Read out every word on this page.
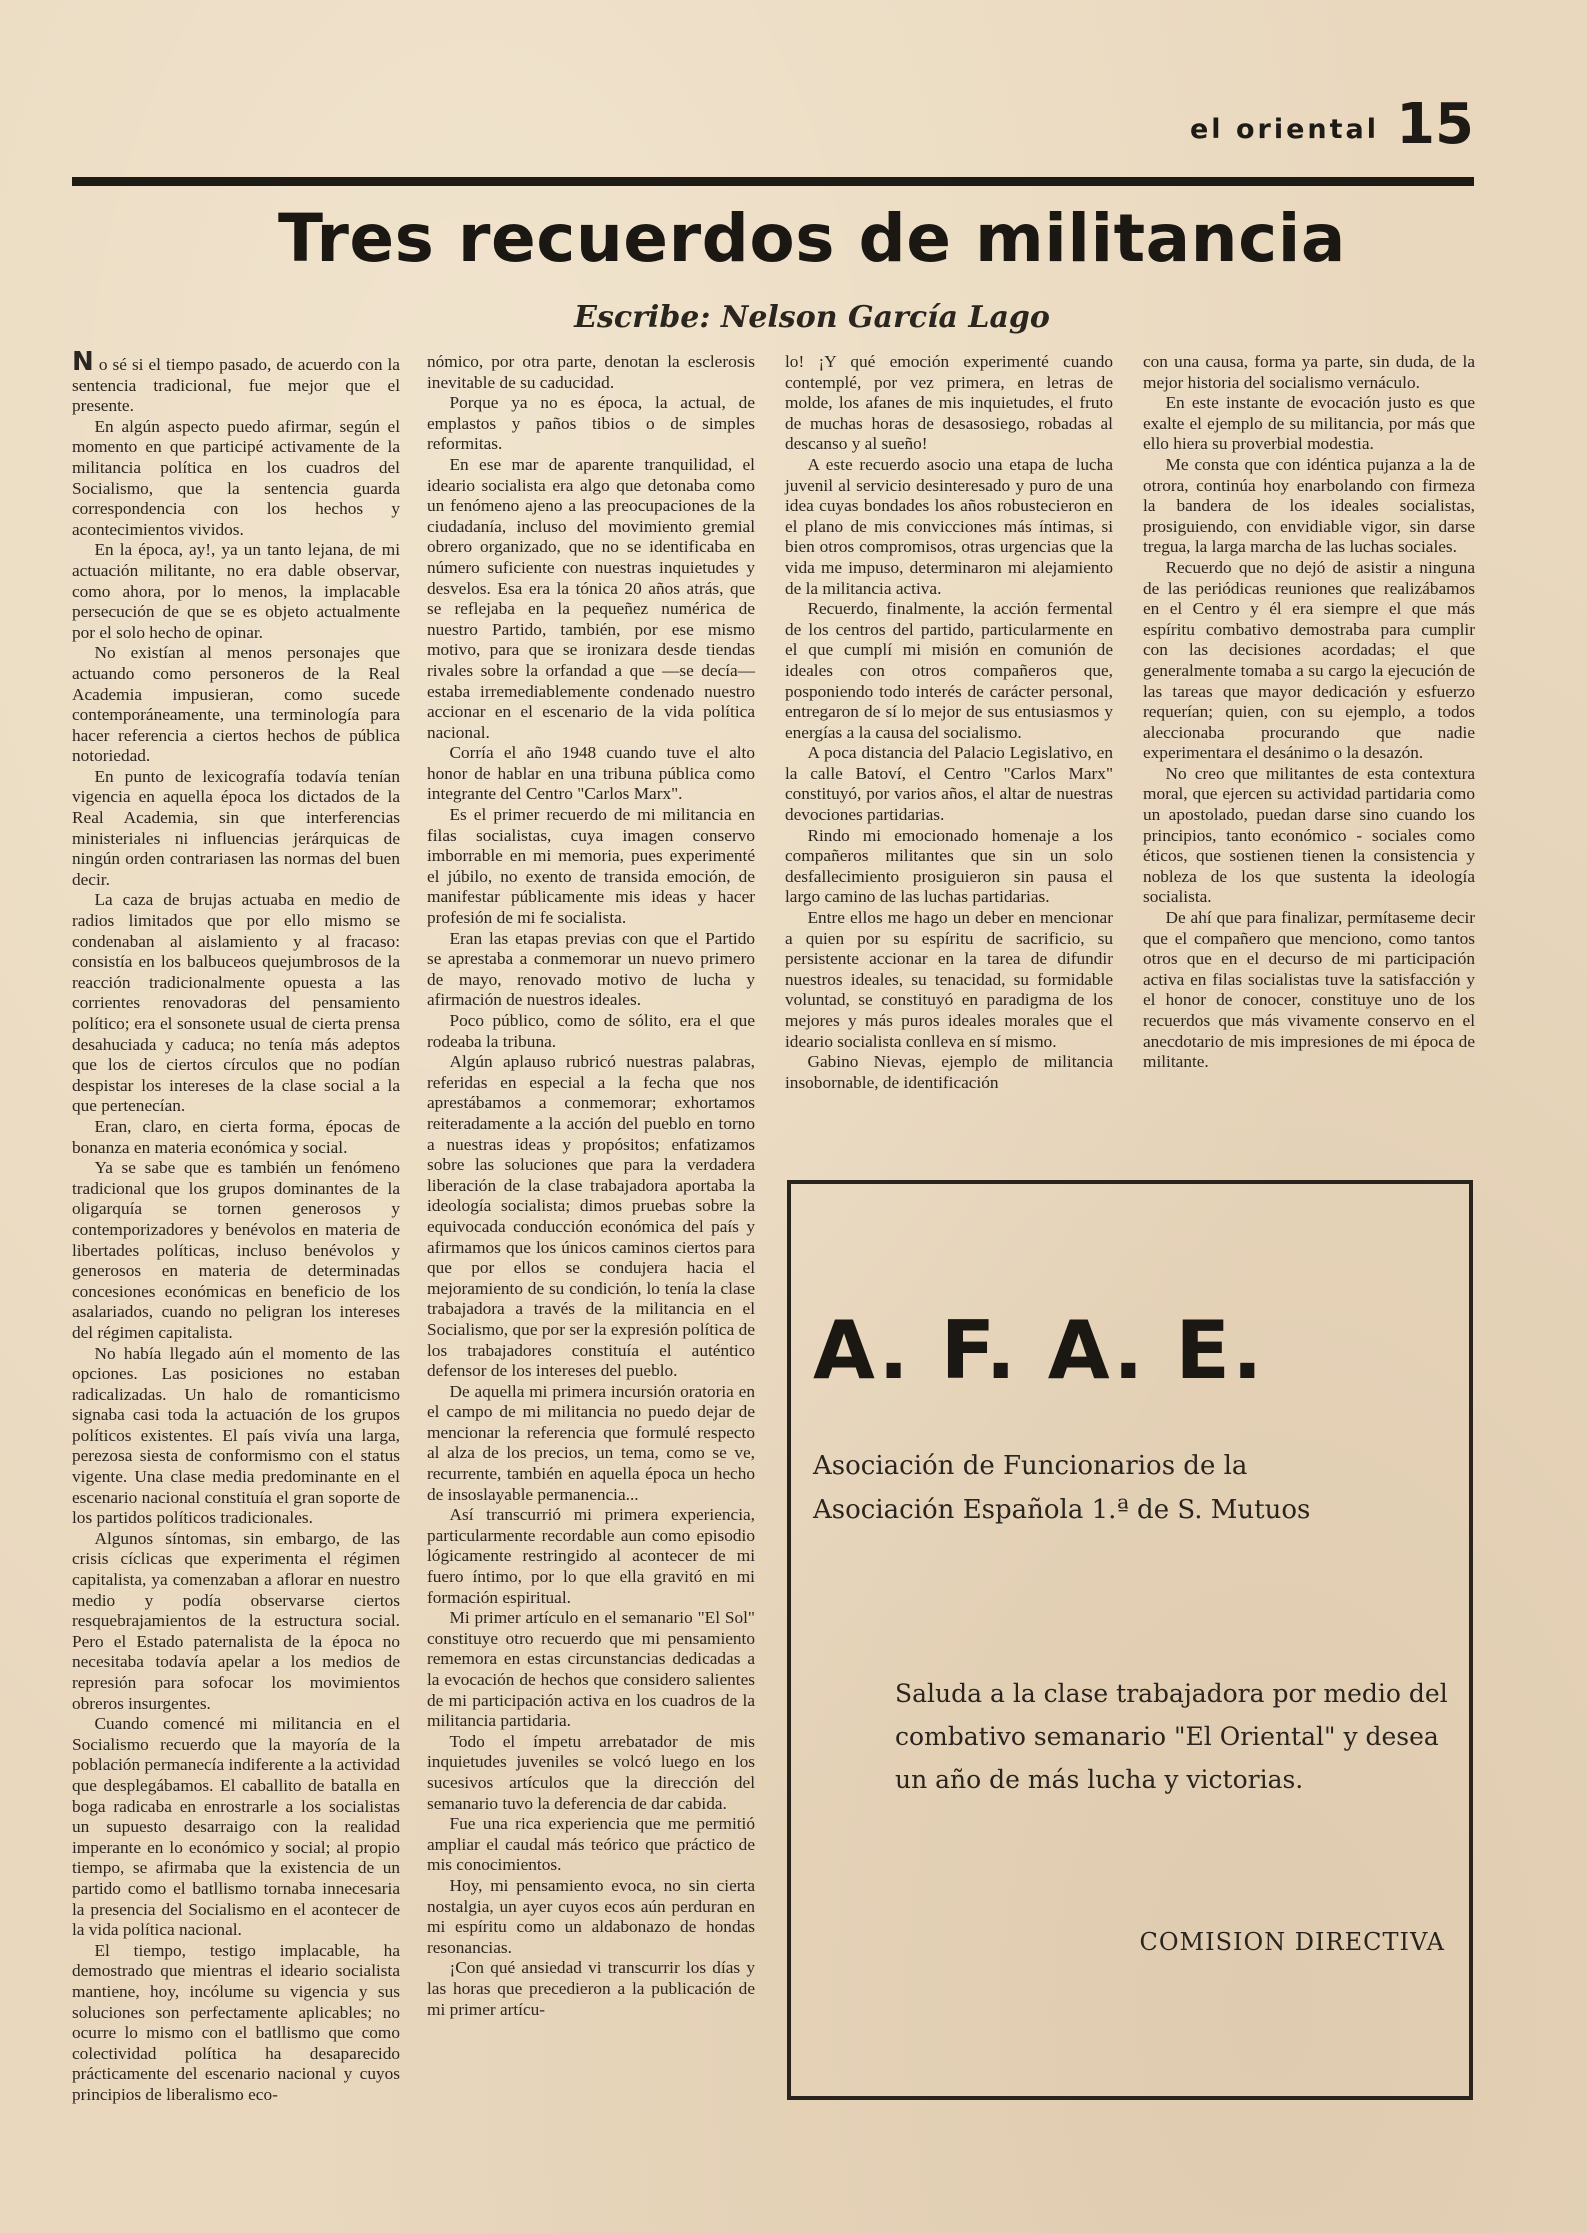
el oriental 15
Tres recuerdos de militancia
Escribe: Nelson García Lago

N o sé si el tiempo pasado, de acuerdo con la sentencia tradicional, fue mejor que el presente.

En algún aspecto puedo afirmar, según el momento en que participé activamente de la militancia política en los cuadros del Socialismo, que la sentencia guarda correspondencia con los hechos y acontecimientos vividos.

En la época, ay!, ya un tanto lejana, de mi actuación militante, no era dable observar, como ahora, por lo menos, la implacable persecución de que se es objeto actualmente por el solo hecho de opinar.

No existían al menos personajes que actuando como personeros de la Real Academia impusieran, como sucede contemporáneamente, una terminología para hacer referencia a ciertos hechos de pública notoriedad.

En punto de lexicografía todavía tenían vigencia en aquella época los dictados de la Real Academia, sin que interferencias ministeriales ni influencias jerárquicas de ningún orden contrariasen las normas del buen decir.

La caza de brujas actuaba en medio de radios limitados que por ello mismo se condenaban al aislamiento y al fracaso: consistía en los balbuceos quejumbrosos de la reacción tradicionalmente opuesta a las corrientes renovadoras del pensamiento político; era el sonsonete usual de cierta prensa desahuciada y caduca; no tenía más adeptos que los de ciertos círculos que no podían despistar los intereses de la clase social a la que pertenecían.

Eran, claro, en cierta forma, épocas de bonanza en materia económica y social.

Ya se sabe que es también un fenómeno tradicional que los grupos dominantes de la oligarquía se tornen generosos y contemporizadores y benévolos en materia de libertades políticas, incluso benévolos y generosos en materia de determinadas concesiones económicas en beneficio de los asalariados, cuando no peligran los intereses del régimen capitalista.

No había llegado aún el momento de las opciones. Las posiciones no estaban radicalizadas. Un halo de romanticismo signaba casi toda la actuación de los grupos políticos existentes. El país vivía una larga, perezosa siesta de conformismo con el status vigente. Una clase media predominante en el escenario nacional constituía el gran soporte de los partidos políticos tradicionales.

Algunos síntomas, sin embargo, de las crisis cíclicas que experimenta el régimen capitalista, ya comenzaban a aflorar en nuestro medio y podía observarse ciertos resquebrajamientos de la estructura social. Pero el Estado paternalista de la época no necesitaba todavía apelar a los medios de represión para sofocar los movimientos obreros insurgentes.

Cuando comencé mi militancia en el Socialismo recuerdo que la mayoría de la población permanecía indiferente a la actividad que desplegábamos. El caballito de batalla en boga radicaba en enrostrarle a los socialistas un supuesto desarraigo con la realidad imperante en lo económico y social; al propio tiempo, se afirmaba que la existencia de un partido como el batllismo tornaba innecesaria la presencia del Socialismo en el acontecer de la vida política nacional.

El tiempo, testigo implacable, ha demostrado que mientras el ideario socialista mantiene, hoy, incólume su vigencia y sus soluciones son perfectamente aplicables; no ocurre lo mismo con el batllismo que como colectividad política ha desaparecido prácticamente del escenario nacional y cuyos principios de liberalismo eco-

nómico, por otra parte, denotan la esclerosis inevitable de su caducidad.

Porque ya no es época, la actual, de emplastos y paños tibios o de simples reformitas.

En ese mar de aparente tranquilidad, el ideario socialista era algo que detonaba como un fenómeno ajeno a las preocupaciones de la ciudadanía, incluso del movimiento gremial obrero organizado, que no se identificaba en número suficiente con nuestras inquietudes y desvelos. Esa era la tónica 20 años atrás, que se reflejaba en la pequeñez numérica de nuestro Partido, también, por ese mismo motivo, para que se ironizara desde tiendas rivales sobre la orfandad a que —se decía— estaba irremediablemente condenado nuestro accionar en el escenario de la vida política nacional.

Corría el año 1948 cuando tuve el alto honor de hablar en una tribuna pública como integrante del Centro "Carlos Marx".

Es el primer recuerdo de mi militancia en filas socialistas, cuya imagen conservo imborrable en mi memoria, pues experimenté el júbilo, no exento de transida emoción, de manifestar públicamente mis ideas y hacer profesión de mi fe socialista.

Eran las etapas previas con que el Partido se aprestaba a conmemorar un nuevo primero de mayo, renovado motivo de lucha y afirmación de nuestros ideales.

Poco público, como de sólito, era el que rodeaba la tribuna.

Algún aplauso rubricó nuestras palabras, referidas en especial a la fecha que nos aprestábamos a conmemorar; exhortamos reiteradamente a la acción del pueblo en torno a nuestras ideas y propósitos; enfatizamos sobre las soluciones que para la verdadera liberación de la clase trabajadora aportaba la ideología socialista; dimos pruebas sobre la equivocada conducción económica del país y afirmamos que los únicos caminos ciertos para que por ellos se condujera hacia el mejoramiento de su condición, lo tenía la clase trabajadora a través de la militancia en el Socialismo, que por ser la expresión política de los trabajadores constituía el auténtico defensor de los intereses del pueblo.

De aquella mi primera incursión oratoria en el campo de mi militancia no puedo dejar de mencionar la referencia que formulé respecto al alza de los precios, un tema, como se ve, recurrente, también en aquella época un hecho de insoslayable permanencia...

Así transcurrió mi primera experiencia, particularmente recordable aun como episodio lógicamente restringido al acontecer de mi fuero íntimo, por lo que ella gravitó en mi formación espiritual.

Mi primer artículo en el semanario "El Sol" constituye otro recuerdo que mi pensamiento rememora en estas circunstancias dedicadas a la evocación de hechos que considero salientes de mi participación activa en los cuadros de la militancia partidaria.

Todo el ímpetu arrebatador de mis inquietudes juveniles se volcó luego en los sucesivos artículos que la dirección del semanario tuvo la deferencia de dar cabida.

Fue una rica experiencia que me permitió ampliar el caudal más teórico que práctico de mis conocimientos.

Hoy, mi pensamiento evoca, no sin cierta nostalgia, un ayer cuyos ecos aún perduran en mi espíritu como un aldabonazo de hondas resonancias.

¡Con qué ansiedad vi transcurrir los días y las horas que precedieron a la publicación de mi primer artícu-

lo! ¡Y qué emoción experimenté cuando contemplé, por vez primera, en letras de molde, los afanes de mis inquietudes, el fruto de muchas horas de desasosiego, robadas al descanso y al sueño!

A este recuerdo asocio una etapa de lucha juvenil al servicio desinteresado y puro de una idea cuyas bondades los años robustecieron en el plano de mis convicciones más íntimas, si bien otros compromisos, otras urgencias que la vida me impuso, determinaron mi alejamiento de la militancia activa.

Recuerdo, finalmente, la acción fermental de los centros del partido, particularmente en el que cumplí mi misión en comunión de ideales con otros compañeros que, posponiendo todo interés de carácter personal, entregaron de sí lo mejor de sus entusiasmos y energías a la causa del socialismo.

A poca distancia del Palacio Legislativo, en la calle Batoví, el Centro "Carlos Marx" constituyó, por varios años, el altar de nuestras devociones partidarias.

Rindo mi emocionado homenaje a los compañeros militantes que sin un solo desfallecimiento prosiguieron sin pausa el largo camino de las luchas partidarias.

Entre ellos me hago un deber en mencionar a quien por su espíritu de sacrificio, su persistente accionar en la tarea de difundir nuestros ideales, su tenacidad, su formidable voluntad, se constituyó en paradigma de los mejores y más puros ideales morales que el ideario socialista conlleva en sí mismo.

Gabino Nievas, ejemplo de militancia insobornable, de identificación

con una causa, forma ya parte, sin duda, de la mejor historia del socialismo vernáculo.

En este instante de evocación justo es que exalte el ejemplo de su militancia, por más que ello hiera su proverbial modestia.

Me consta que con idéntica pujanza a la de otrora, continúa hoy enarbolando con firmeza la bandera de los ideales socialistas, prosiguiendo, con envidiable vigor, sin darse tregua, la larga marcha de las luchas sociales.

Recuerdo que no dejó de asistir a ninguna de las periódicas reuniones que realizábamos en el Centro y él era siempre el que más espíritu combativo demostraba para cumplir con las decisiones acordadas; el que generalmente tomaba a su cargo la ejecución de las tareas que mayor dedicación y esfuerzo requerían; quien, con su ejemplo, a todos aleccionaba procurando que nadie experimentara el desánimo o la desazón.

No creo que militantes de esta contextura moral, que ejercen su actividad partidaria como un apostolado, puedan darse sino cuando los principios, tanto económico - sociales como éticos, que sostienen tienen la consistencia y nobleza de los que sustenta la ideología socialista.

De ahí que para finalizar, permítaseme decir que el compañero que menciono, como tantos otros que en el decurso de mi participación activa en filas socialistas tuve la satisfacción y el honor de conocer, constituye uno de los recuerdos que más vivamente conservo en el anecdotario de mis impresiones de mi época de militante.

A. F. A. E.
Asociación de Funcionarios de la
Asociación Española 1.ª de S. Mutuos
Saluda a la clase trabajadora por medio del combativo semanario "El Oriental" y desea un año de más lucha y victorias.
COMISION DIRECTIVA
